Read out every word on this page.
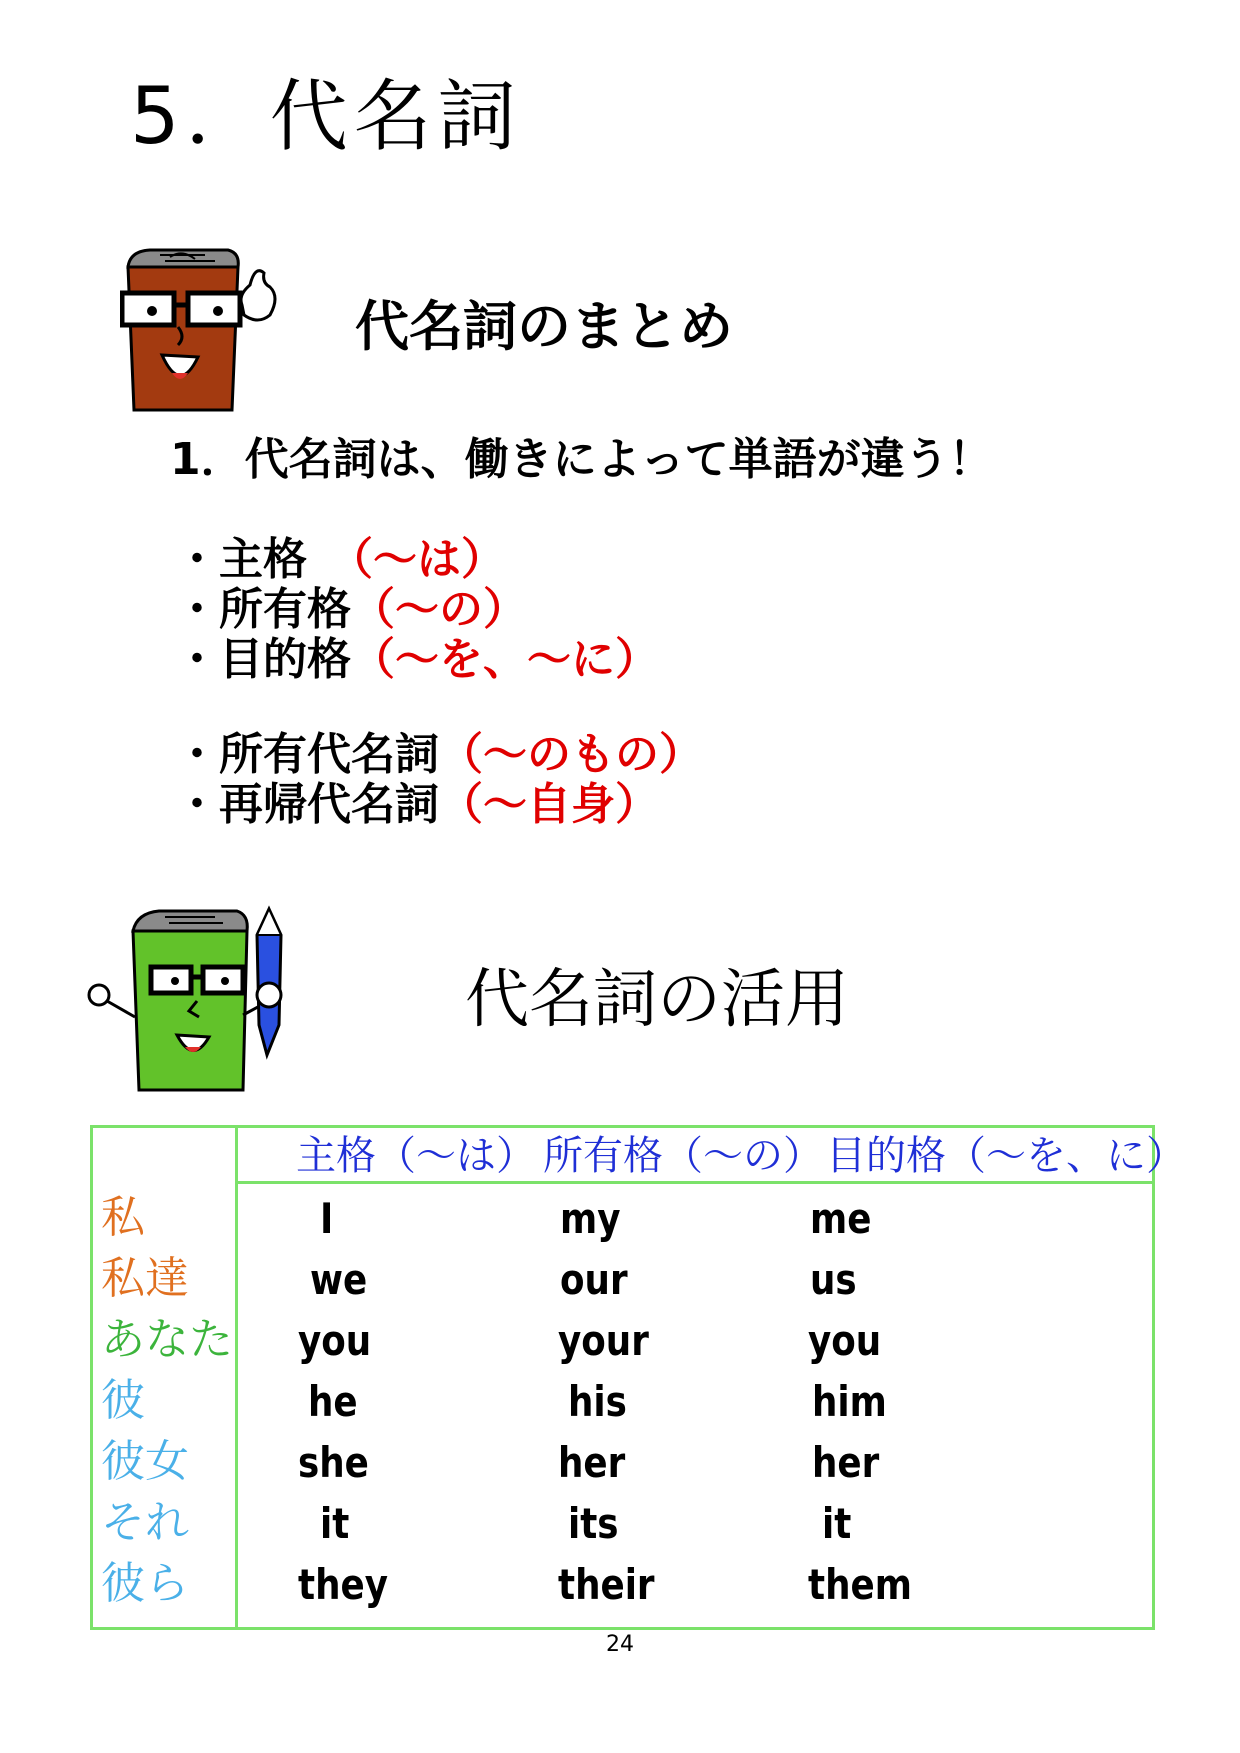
5．代名詞
代名詞のまとめ
1．代名詞は、働きによって単語が違う！
・主格　（～は）
・所有格（～の）
・目的格（～を、～に）
・所有代名詞（～のもの）
・再帰代名詞（～自身）
代名詞の活用
主格（～は） 所有格（～の） 目的格（～を、に）
私	I	my	me
私達	we	our	us
あなた you	your	you
彼	he	his	him
彼女	she	her	her
それ	it	its	it
彼ら	they	their	them
24
